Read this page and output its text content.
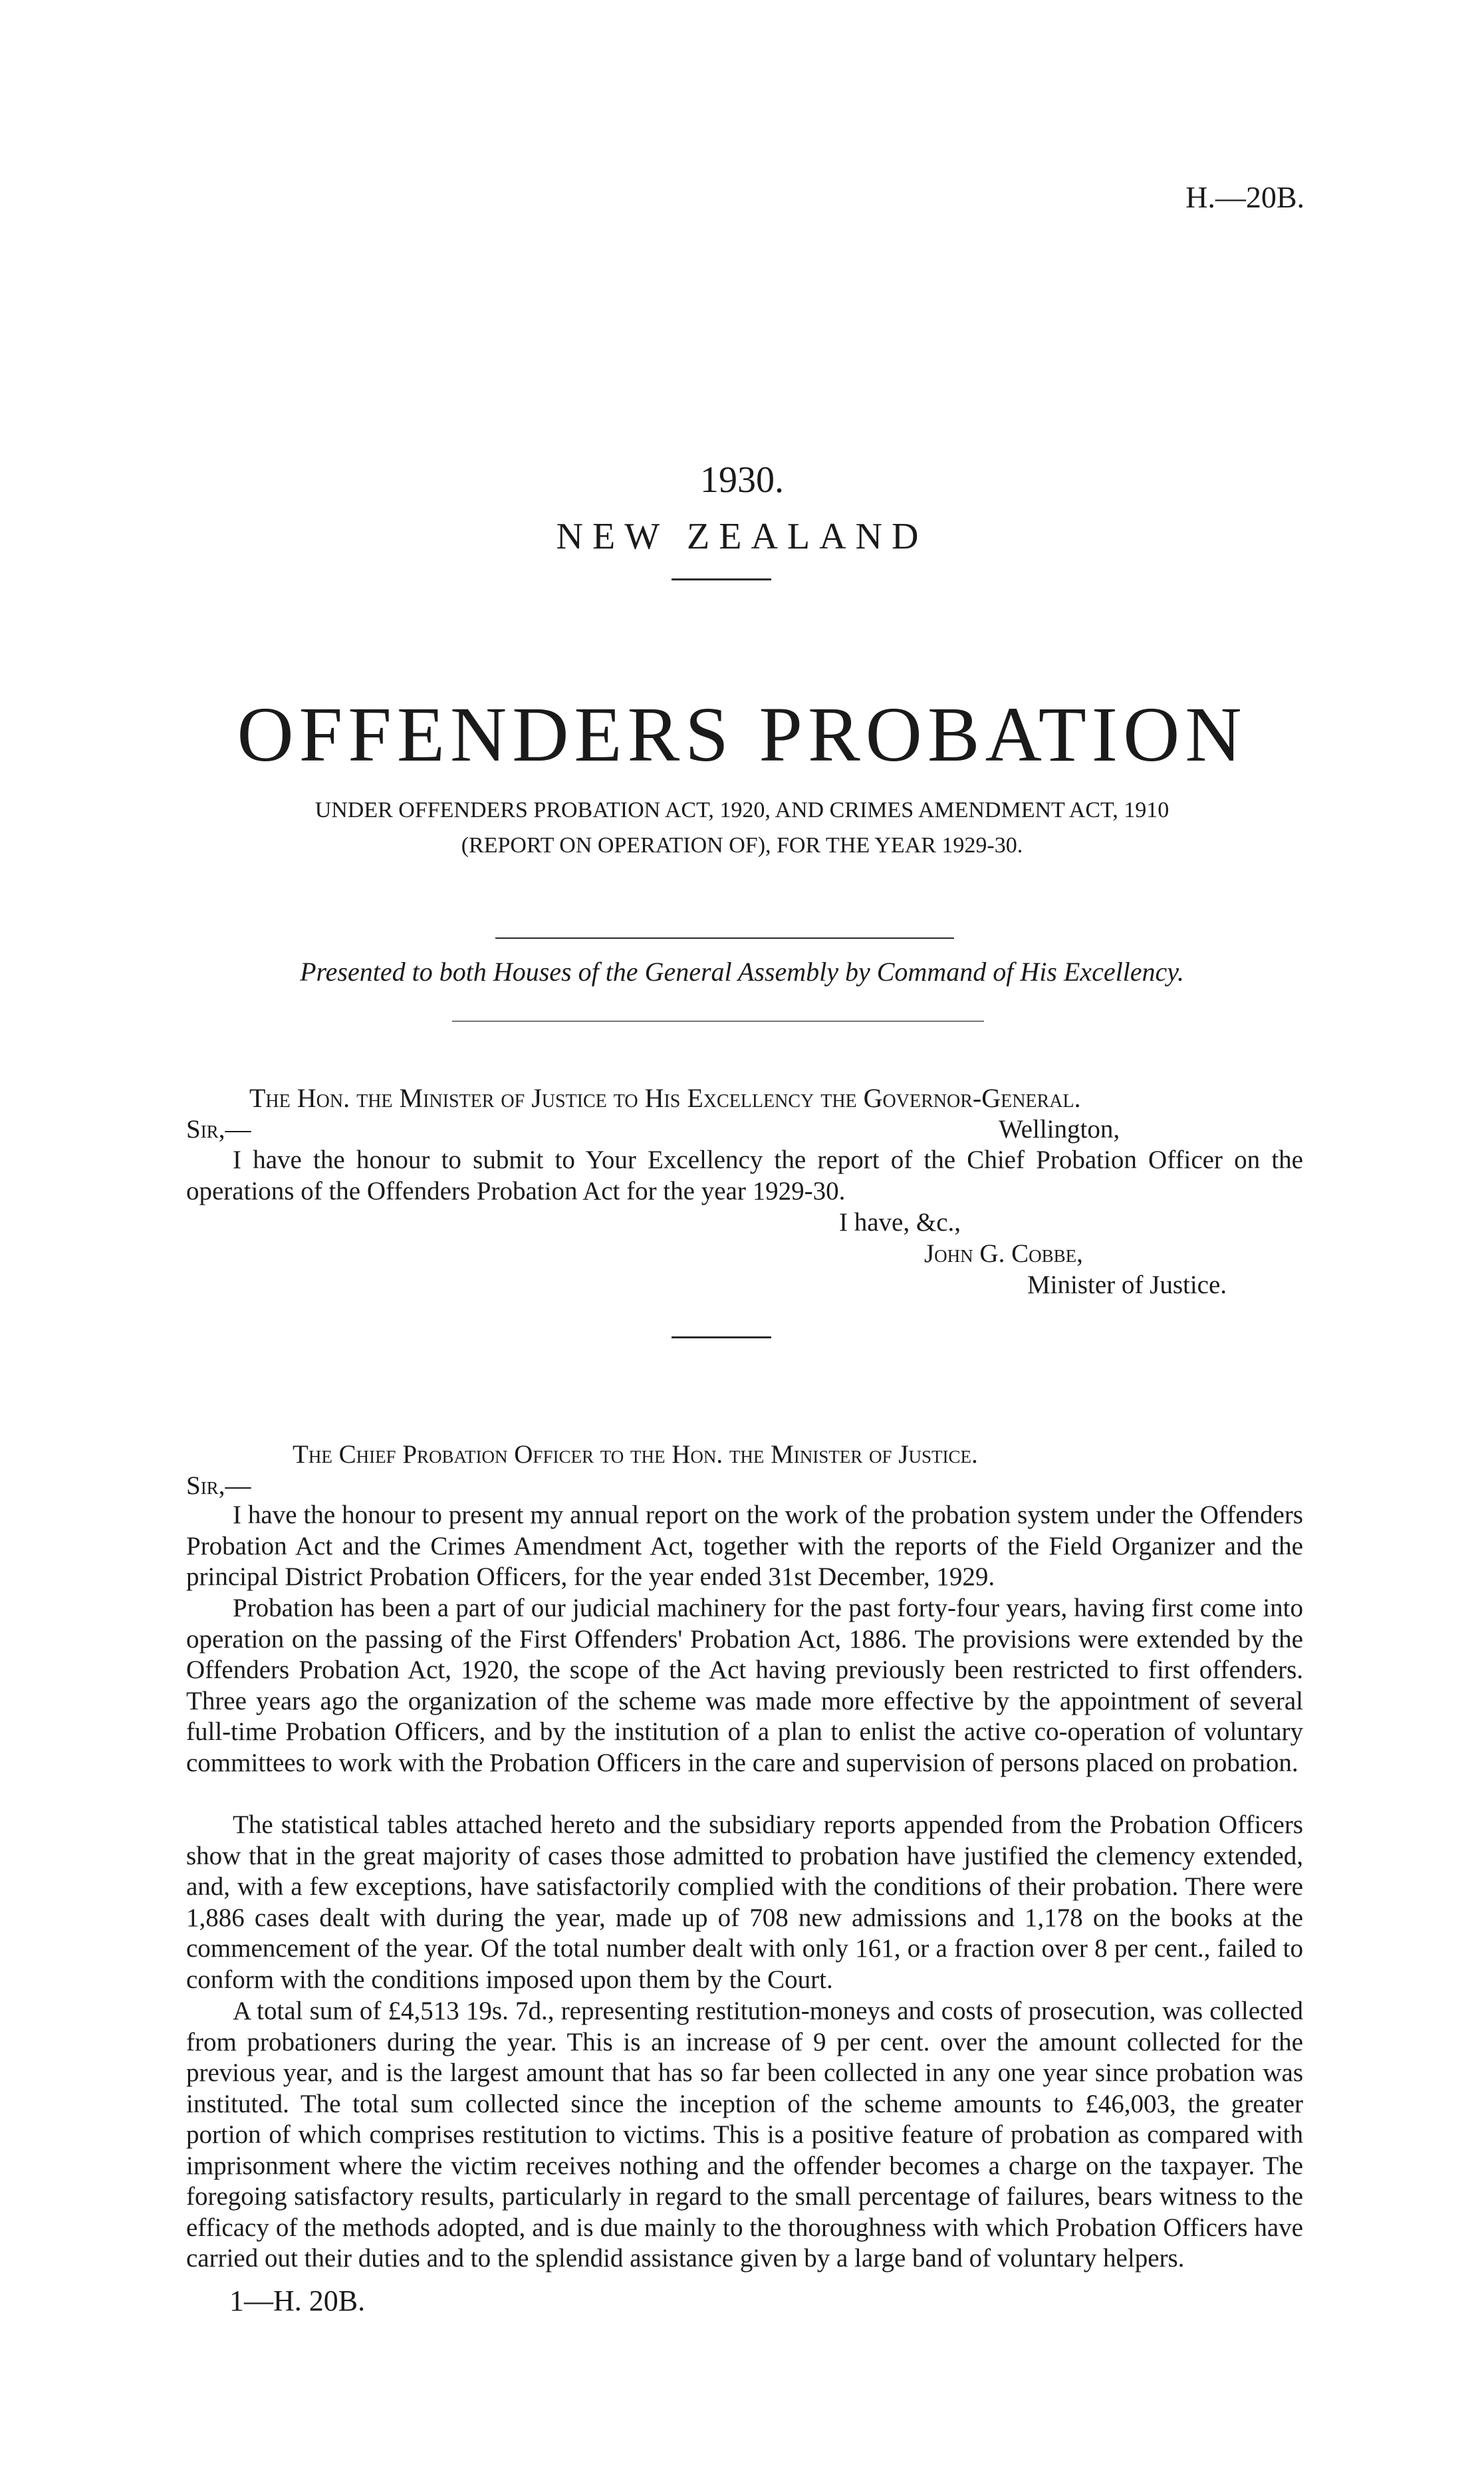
H.—20B.
1930.
NEW ZEALAND
OFFENDERS PROBATION
UNDER OFFENDERS PROBATION ACT, 1920, AND CRIMES AMENDMENT ACT, 1910
(REPORT ON OPERATION OF), FOR THE YEAR 1929-30.
Presented to both Houses of the General Assembly by Command of His Excellency.
The Hon. the Minister of Justice to His Excellency the Governor-General.
Sir,—	Wellington,
I have the honour to submit to Your Excellency the report of the Chief Probation Officer on the operations of the Offenders Probation Act for the year 1929-30.
I have, &c.,
John G. Cobbe,
Minister of Justice.
The Chief Probation Officer to the Hon. the Minister of Justice.
Sir,—
I have the honour to present my annual report on the work of the probation system under the Offenders Probation Act and the Crimes Amendment Act, together with the reports of the Field Organizer and the principal District Probation Officers, for the year ended 31st December, 1929.
Probation has been a part of our judicial machinery for the past forty-four years, having first come into operation on the passing of the First Offenders' Probation Act, 1886. The provisions were extended by the Offenders Probation Act, 1920, the scope of the Act having previously been restricted to first offenders. Three years ago the organization of the scheme was made more effective by the appointment of several full-time Probation Officers, and by the institution of a plan to enlist the active co-operation of voluntary committees to work with the Probation Officers in the care and supervision of persons placed on probation.
The statistical tables attached hereto and the subsidiary reports appended from the Probation Officers show that in the great majority of cases those admitted to probation have justified the clemency extended, and, with a few exceptions, have satisfactorily complied with the conditions of their probation. There were 1,886 cases dealt with during the year, made up of 708 new admissions and 1,178 on the books at the commencement of the year. Of the total number dealt with only 161, or a fraction over 8 per cent., failed to conform with the conditions imposed upon them by the Court.
A total sum of £4,513 19s. 7d., representing restitution-moneys and costs of prosecution, was collected from probationers during the year. This is an increase of 9 per cent. over the amount collected for the previous year, and is the largest amount that has so far been collected in any one year since probation was instituted. The total sum collected since the inception of the scheme amounts to £46,003, the greater portion of which comprises restitution to victims. This is a positive feature of probation as compared with imprisonment where the victim receives nothing and the offender becomes a charge on the taxpayer. The foregoing satisfactory results, particularly in regard to the small percentage of failures, bears witness to the efficacy of the methods adopted, and is due mainly to the thoroughness with which Probation Officers have carried out their duties and to the splendid assistance given by a large band of voluntary helpers.
1—H. 20B.
